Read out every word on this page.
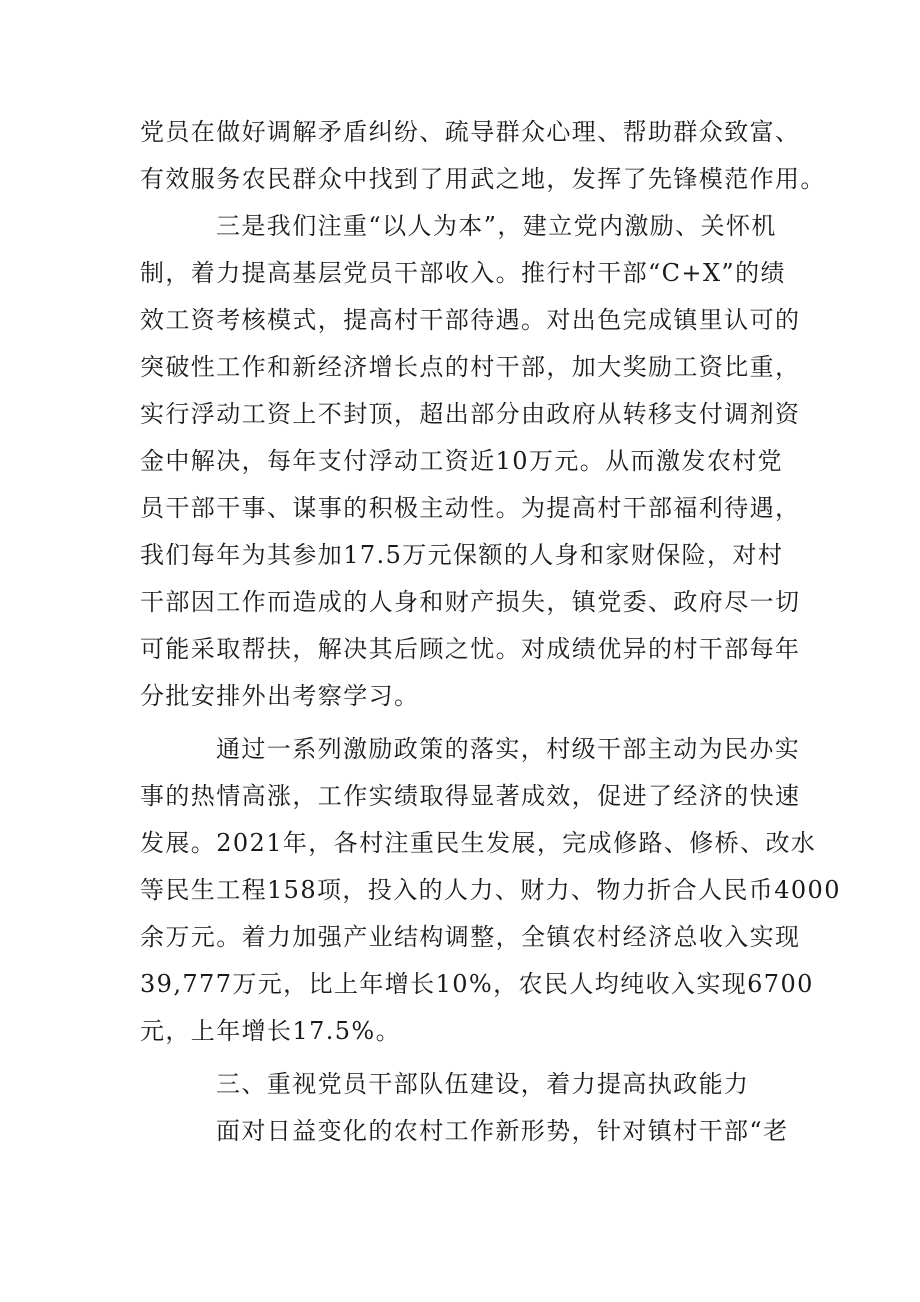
党员在做好调解矛盾纠纷、疏导群众心理、帮助群众致富、
有效服务农民群众中找到了用武之地，发挥了先锋模范作用。
三是我们注重“以人为本”，建立党内激励、关怀机
制，着力提高基层党员干部收入。推行村干部“C+X”的绩
效工资考核模式，提高村干部待遇。对出色完成镇里认可的
突破性工作和新经济增长点的村干部，加大奖励工资比重，
实行浮动工资上不封顶，超出部分由政府从转移支付调剂资
金中解决，每年支付浮动工资近10万元。从而激发农村党
员干部干事、谋事的积极主动性。为提高村干部福利待遇，
我们每年为其参加17.5万元保额的人身和家财保险，对村
干部因工作而造成的人身和财产损失，镇党委、政府尽一切
可能采取帮扶，解决其后顾之忧。对成绩优异的村干部每年
分批安排外出考察学习。
通过一系列激励政策的落实，村级干部主动为民办实
事的热情高涨，工作实绩取得显著成效，促进了经济的快速
发展。2021年，各村注重民生发展，完成修路、修桥、改水
等民生工程158项，投入的人力、财力、物力折合人民币4000
余万元。着力加强产业结构调整，全镇农村经济总收入实现
39,777万元，比上年增长10%，农民人均纯收入实现6700
元，上年增长17.5%。
三、重视党员干部队伍建设，着力提高执政能力
面对日益变化的农村工作新形势，针对镇村干部“老
